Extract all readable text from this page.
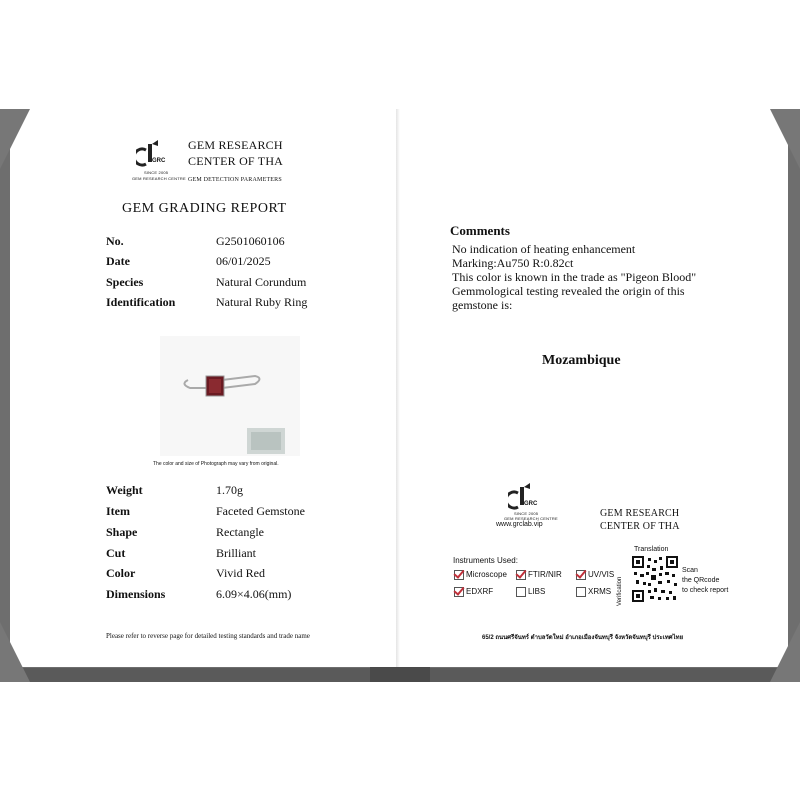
GRC
SINCE 2005
GEM RESEARCH CENTRE
GEM RESEARCH
CENTER OF THA
GEM DETECTION PARAMETERS
GEM GRADING REPORT
No.	G2501060106
Date	06/01/2025
Species	Natural Corundum
Identification	Natural Ruby Ring
The color and size of Photograph may vary from original.
Weight	1.70g
Item	Faceted Gemstone
Shape	Rectangle
Cut	Brilliant
Color	Vivid Red
Dimensions	6.09×4.06(mm)
Please refer to reverse page for detailed testing standards and trade name
Comments
No indication of heating enhancement
Marking:Au750 R:0.82ct
This color is known in the trade as "Pigeon Blood"
Gemmological testing revealed the origin of this
gemstone is:
Mozambique
GRC
SINCE 2005
GEM RESEARCH CENTRE
www.grclab.vip
GEM RESEARCH
CENTER OF THA
Instruments Used:
Microscope	FTIR/NIR	UV/VIS
EDXRF	LIBS	XRMS
Translation
Verification
Scan
the QRcode
to check report
65/2 ถนนศรีจันทร์ ตำบลวัดใหม่ อำเภอเมืองจันทบุรี จังหวัดจันทบุรี ประเทศไทย
